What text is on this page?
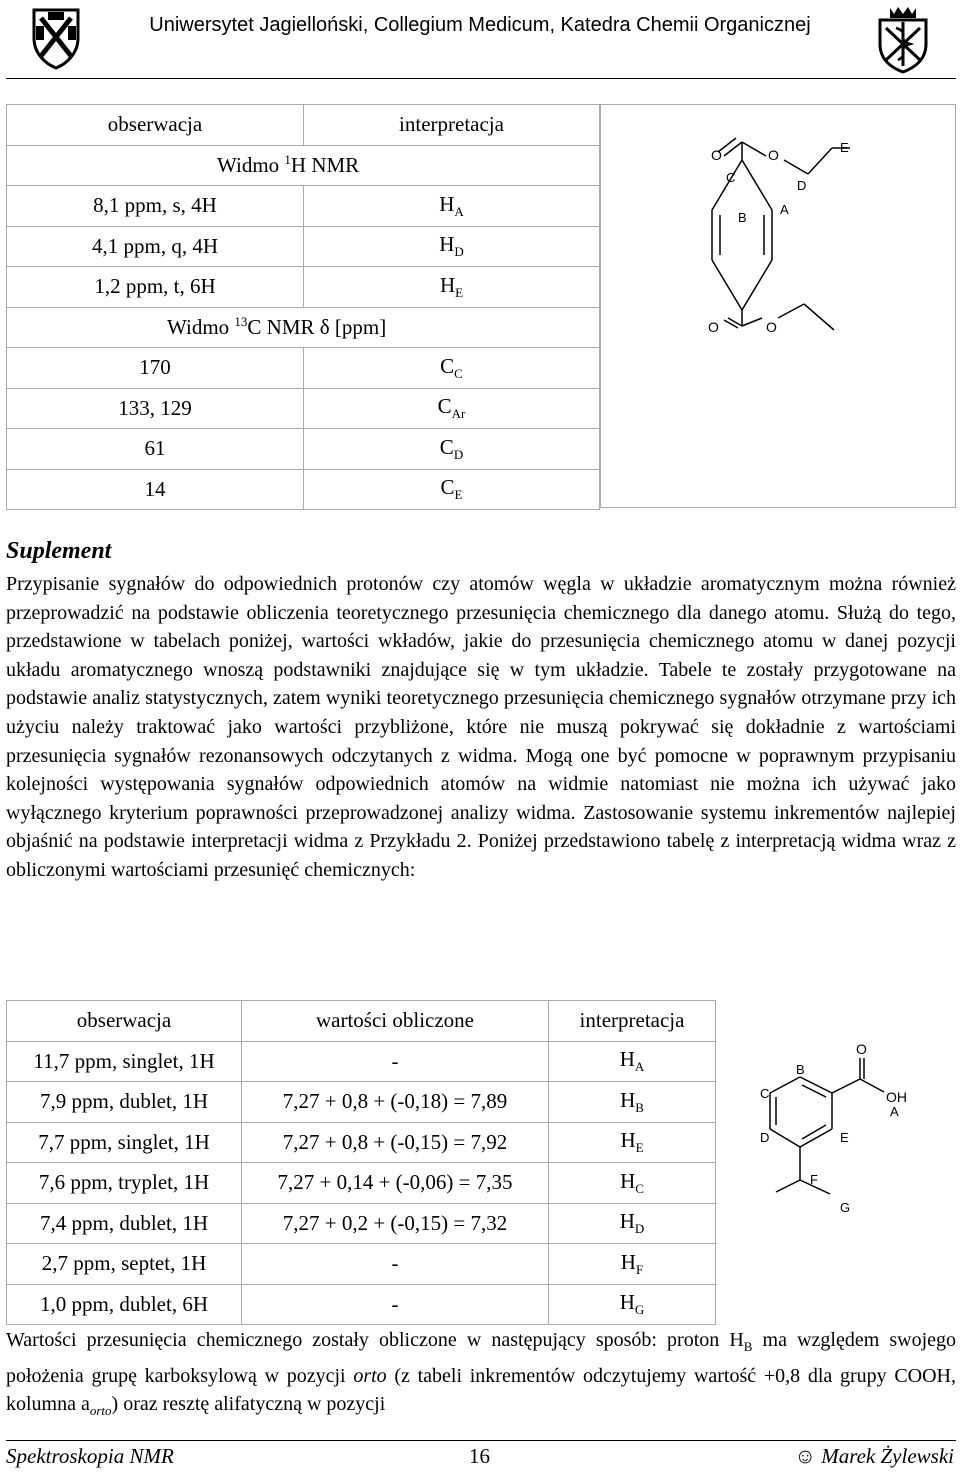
Uniwersytet Jagielloński, Collegium Medicum, Katedra Chemii Organicznej
obserwacja	interpretacja
Widmo $^1$H NMR	
8,1 ppm, s, 4H	$H_A$
4,1 ppm, q, 4H	$H_D$
1,2 ppm, t, 6H	$H_E$
Widmo $^{13}$C NMR δ [ppm]	
170	$C_C$
133, 129	$C_{Ar}$
61	$C_D$
14	$C_E$
O
C
O
D
E
B
A
O	O
Suplement

Przypisanie sygnałów do odpowiednich protonów czy atomów węgla w układzie aromatycznym można również przeprowadzić na podstawie obliczenia teoretycznego przesunięcia chemicznego dla danego atomu. Służą do tego, przedstawione w tabelach poniżej, wartości wkładów, jakie do przesunięcia chemicznego atomu w danej pozycji układu aromatycznego wnoszą podstawniki znajdujące się w tym układzie. Tabele te zostały przygotowane na podstawie analiz statystycznych, zatem wyniki teoretycznego przesunięcia chemicznego sygnałów otrzymane przy ich użyciu należy traktować jako wartości przybliżone, które nie muszą pokrywać się dokładnie z wartościami przesunięcia sygnałów rezonansowych odczytanych z widma. Mogą one być pomocne w poprawnym przypisaniu kolejności występowania sygnałów odpowiednich atomów na widmie natomiast nie można ich używać jako wyłącznego kryterium poprawności przeprowadzonej analizy widma. Zastosowanie systemu inkrementów najlepiej objaśnić na podstawie interpretacji widma z Przykładu 2. Poniżej przedstawiono tabelę z interpretacją widma wraz z obliczonymi wartościami przesunięć chemicznych:

obserwacja	wartości obliczone	interpretacja
11,7 ppm, singlet, 1H	-	$H_A$
7,9 ppm, dublet, 1H	7,27 + 0,8 + (-0,18) = 7,89	$H_B$
7,7 ppm, singlet, 1H	7,27 + 0,8 + (-0,15) = 7,92	$H_E$
7,6 ppm, tryplet, 1H	7,27 + 0,14 + (-0,06) = 7,35	$H_C$
7,4 ppm, dublet, 1H	7,27 + 0,2 + (-0,15) = 7,32	$H_D$
2,7 ppm, septet, 1H	-	$H_F$
1,0 ppm, dublet, 6H	-	$H_G$
O
B
C	OH
A
D	E
F
G

Wartości przesunięcia chemicznego zostały obliczone w następujący sposób: proton $H_B$ ma względem swojego położenia grupę karboksylową w pozycji orto (z tabeli inkrementów odczytujemy wartość +0,8 dla grupy COOH, kolumna $a_{orto}$) oraz resztę alifatyczną w pozycji

Spektroskopia NMR	16	☺ Marek Żylewski
